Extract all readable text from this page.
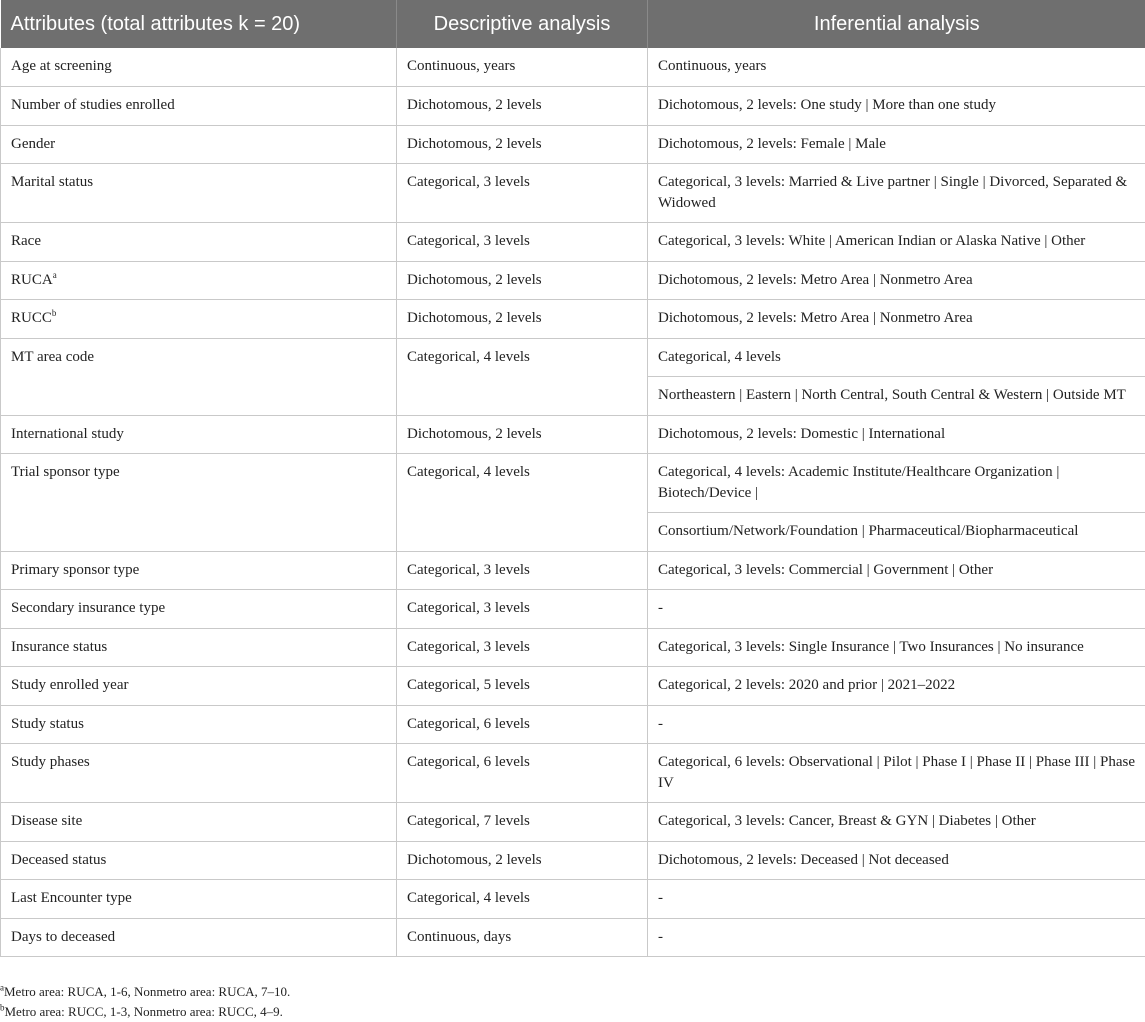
Attributes (total attributes k = 20)	Descriptive analysis	Inferential analysis
Age at screening	Continuous, years	Continuous, years
Number of studies enrolled	Dichotomous, 2 levels	Dichotomous, 2 levels: One study | More than one study
Gender	Dichotomous, 2 levels	Dichotomous, 2 levels: Female | Male
Marital status	Categorical, 3 levels	Categorical, 3 levels: Married & Live partner | Single | Divorced, Separated & Widowed
Race	Categorical, 3 levels	Categorical, 3 levels: White | American Indian or Alaska Native | Other
RUCA$^a$	Dichotomous, 2 levels	Dichotomous, 2 levels: Metro Area | Nonmetro Area
RUCC$^b$	Dichotomous, 2 levels	Dichotomous, 2 levels: Metro Area | Nonmetro Area
MT area code	Categorical, 4 levels	Categorical, 4 levels
		Northeastern | Eastern | North Central, South Central & Western | Outside MT
International study	Dichotomous, 2 levels	Dichotomous, 2 levels: Domestic | International
Trial sponsor type	Categorical, 4 levels	Categorical, 4 levels: Academic Institute/Healthcare Organization | Biotech/Device |
		Consortium/Network/Foundation | Pharmaceutical/Biopharmaceutical
Primary sponsor type	Categorical, 3 levels	Categorical, 3 levels: Commercial | Government | Other
Secondary insurance type	Categorical, 3 levels	-
Insurance status	Categorical, 3 levels	Categorical, 3 levels: Single Insurance | Two Insurances | No insurance
Study enrolled year	Categorical, 5 levels	Categorical, 2 levels: 2020 and prior | 2021–2022
Study status	Categorical, 6 levels	-
Study phases	Categorical, 6 levels	Categorical, 6 levels: Observational | Pilot | Phase I | Phase II | Phase III | Phase IV
Disease site	Categorical, 7 levels	Categorical, 3 levels: Cancer, Breast & GYN | Diabetes | Other
Deceased status	Dichotomous, 2 levels	Dichotomous, 2 levels: Deceased | Not deceased
Last Encounter type	Categorical, 4 levels	-
Days to deceased	Continuous, days	-
$^a$Metro area: RUCA, 1-6, Nonmetro area: RUCA, 7–10.
$^b$Metro area: RUCC, 1-3, Nonmetro area: RUCC, 4–9.
